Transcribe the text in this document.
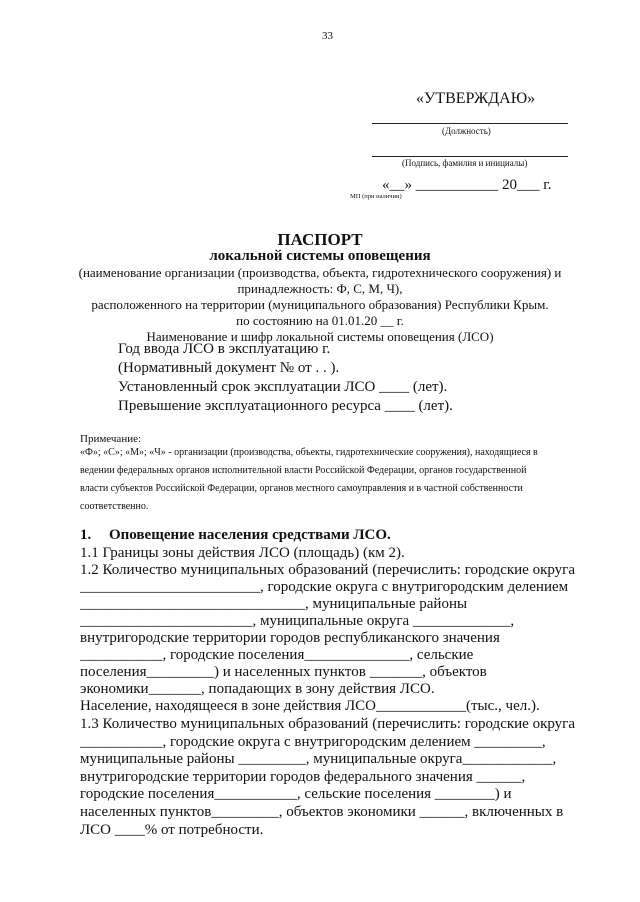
33
«УТВЕРЖДАЮ»
(Должность)
(Подпись, фамилия и инициалы)
«__» ___________ 20___ г.
МП (при наличии)
ПАСПОРТ
локальной системы оповещения
(наименование организации (производства, объекта, гидротехнического сооружения) и
принадлежность: Ф, С, М, Ч),
расположенного на территории (муниципального образования) Республики Крым.
по состоянию на 01.01.20 __ г.
Наименование и шифр локальной системы оповещения (ЛСО)
Год ввода ЛСО в эксплуатацию г.
(Нормативный документ № от . . ).
Установленный срок эксплуатации ЛСО ____ (лет).
Превышение эксплуатационного ресурса ____ (лет).
Примечание:
«Ф»; «С»; «М»; «Ч» - организации (производства, объекты, гидротехнические сооружения), находящиеся в
ведении федеральных органов исполнительной власти Российской Федерации, органов государственной
власти субъектов Российской Федерации, органов местного самоуправления и в частной собственности
соответственно.
1. Оповещение населения средствами ЛСО.
1.1 Границы зоны действия ЛСО (площадь) (км 2).
1.2 Количество муниципальных образований (перечислить: городские округа
________________________, городские округа с внутригородским делением
______________________________, муниципальные районы
_______________________, муниципальные округа _____________,
внутригородские территории городов республиканского значения
___________, городские поселения______________, сельские
поселения_________) и населенных пунктов _______, объектов
экономики_______, попадающих в зону действия ЛСО.
Население, находящееся в зоне действия ЛСО____________(тыс., чел.).
1.3 Количество муниципальных образований (перечислить: городские округа
___________, городские округа с внутригородским делением _________,
муниципальные районы _________, муниципальные округа____________,
внутригородские территории городов федерального значения ______,
городские поселения___________, сельские поселения ________) и
населенных пунктов_________, объектов экономики ______, включенных в
ЛСО ____% от потребности.
